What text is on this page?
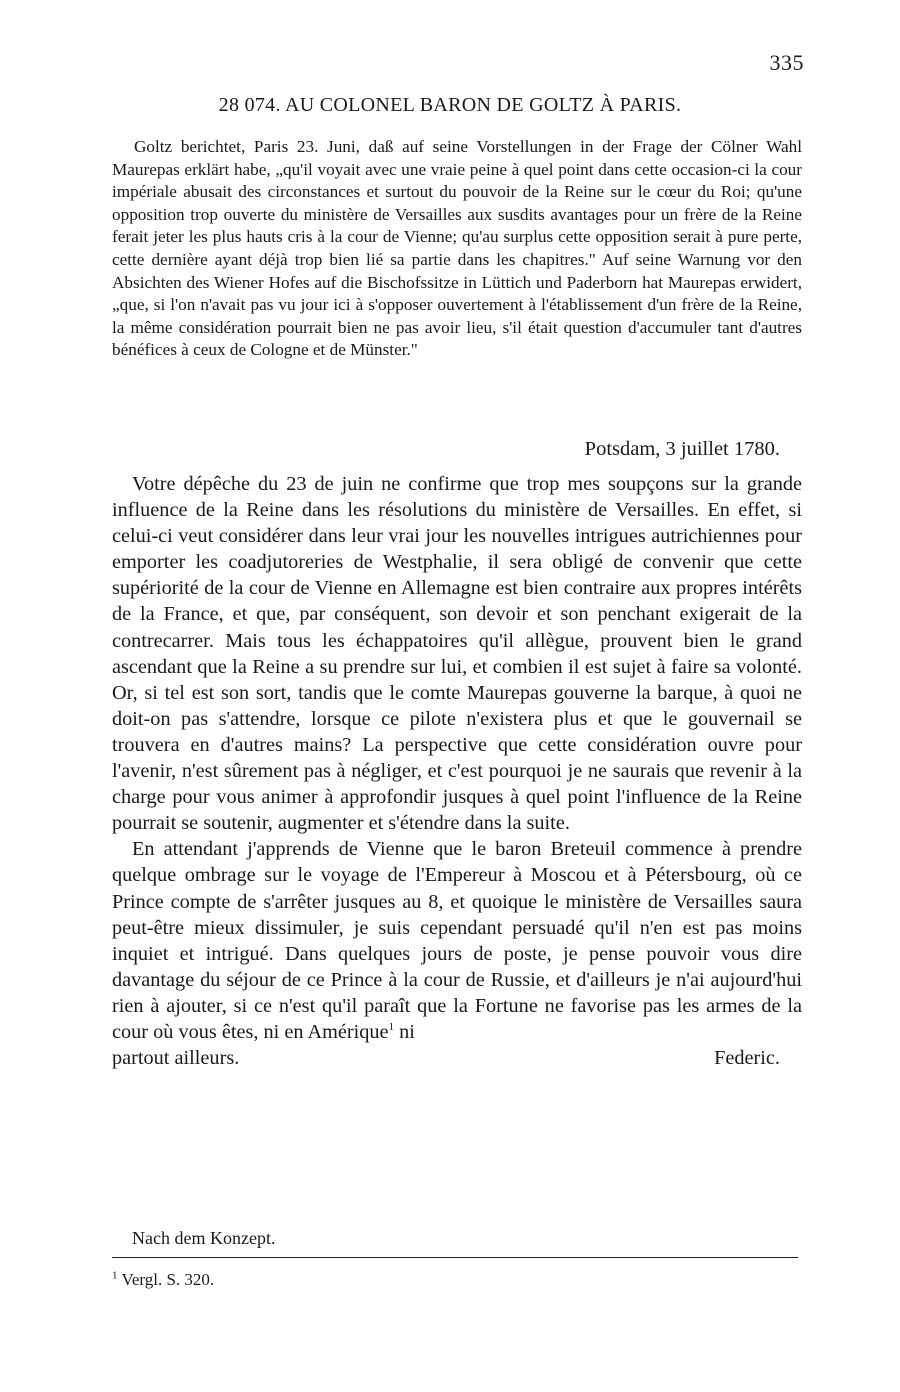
335
28 074. AU COLONEL BARON DE GOLTZ À PARIS.

Goltz berichtet, Paris 23. Juni, daß auf seine Vorstellungen in der Frage der Cölner Wahl Maurepas erklärt habe, „qu'il voyait avec une vraie peine à quel point dans cette occasion-ci la cour impériale abusait des circonstances et surtout du pouvoir de la Reine sur le cœur du Roi; qu'une opposition trop ouverte du ministère de Versailles aux susdits avantages pour un frère de la Reine ferait jeter les plus hauts cris à la cour de Vienne; qu'au surplus cette opposition serait à pure perte, cette dernière ayant déjà trop bien lié sa partie dans les chapitres." Auf seine Warnung vor den Absichten des Wiener Hofes auf die Bischofssitze in Lüttich und Paderborn hat Maurepas erwidert, „que, si l'on n'avait pas vu jour ici à s'opposer ouvertement à l'établissement d'un frère de la Reine, la même considération pourrait bien ne pas avoir lieu, s'il était question d'accumuler tant d'autres bénéfices à ceux de Cologne et de Münster."

Potsdam, 3 juillet 1780.

Votre dépêche du 23 de juin ne confirme que trop mes soupçons sur la grande influence de la Reine dans les résolutions du ministère de Versailles. En effet, si celui-ci veut considérer dans leur vrai jour les nouvelles intrigues autrichiennes pour emporter les coadjutoreries de Westphalie, il sera obligé de convenir que cette supériorité de la cour de Vienne en Allemagne est bien contraire aux propres intérêts de la France, et que, par conséquent, son devoir et son penchant exigerait de la contrecarrer. Mais tous les échappatoires qu'il allègue, prouvent bien le grand ascendant que la Reine a su prendre sur lui, et combien il est sujet à faire sa volonté. Or, si tel est son sort, tandis que le comte Maurepas gouverne la barque, à quoi ne doit-on pas s'attendre, lorsque ce pilote n'existera plus et que le gouvernail se trouvera en d'autres mains? La perspective que cette considération ouvre pour l'avenir, n'est sûrement pas à négliger, et c'est pourquoi je ne saurais que revenir à la charge pour vous animer à approfondir jusques à quel point l'influence de la Reine pourrait se soutenir, augmenter et s'étendre dans la suite.

En attendant j'apprends de Vienne que le baron Breteuil commence à prendre quelque ombrage sur le voyage de l'Empereur à Moscou et à Pétersbourg, où ce Prince compte de s'arrêter jusques au 8, et quoique le ministère de Versailles saura peut-être mieux dissimuler, je suis cependant persuadé qu'il n'en est pas moins inquiet et intrigué. Dans quelques jours de poste, je pense pouvoir vous dire davantage du séjour de ce Prince à la cour de Russie, et d'ailleurs je n'ai aujourd'hui rien à ajouter, si ce n'est qu'il paraît que la Fortune ne favorise pas les armes de la cour où vous êtes, ni en Amérique$^1$ ni

partout ailleurs.	Federic.
Nach dem Konzept.
$^1$ Vergl. S. 320.
